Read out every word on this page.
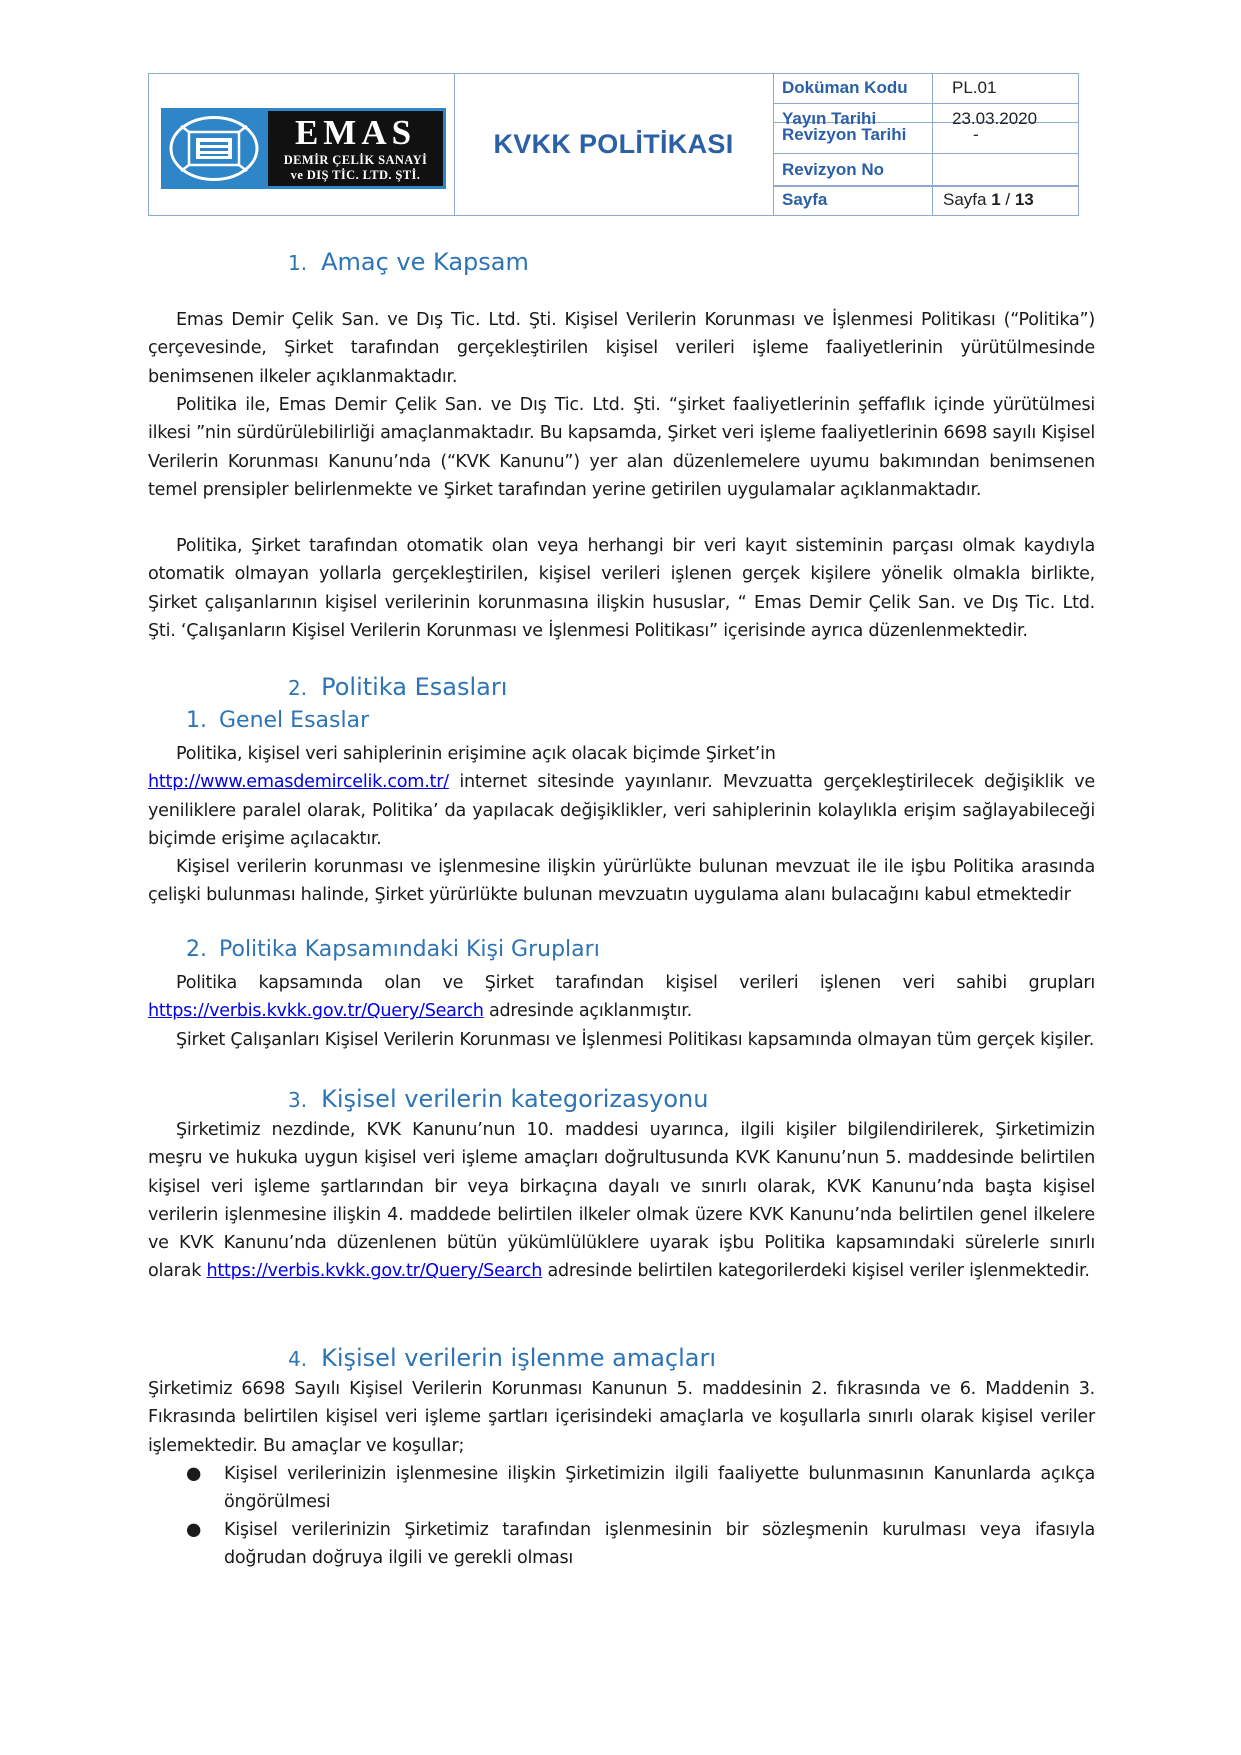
EMAS
DEMİR ÇELİK SANAYİ
ve DIŞ TİC. LTD. ŞTİ.
KVKK POLİTİKASI
Doküman Kodu	PL.01
Yayın Tarihi	23.03.2020
Revizyon Tarihi	-
Revizyon No
Sayfa	Sayfa 1 / 13
1. Amaç ve Kapsam
Emas Demir Çelik San. ve Dış Tic. Ltd. Şti. Kişisel Verilerin Korunması ve İşlenmesi Politikası (“Politika”) çerçevesinde, Şirket tarafından gerçekleştirilen kişisel verileri işleme faaliyetlerinin yürütülmesinde benimsenen ilkeler açıklanmaktadır.
Politika ile, Emas Demir Çelik San. ve Dış Tic. Ltd. Şti. “şirket faaliyetlerinin şeffaflık içinde yürütülmesi ilkesi ”nin sürdürülebilirliği amaçlanmaktadır. Bu kapsamda, Şirket veri işleme faaliyetlerinin 6698 sayılı Kişisel Verilerin Korunması Kanunu’nda (“KVK Kanunu”) yer alan düzenlemelere uyumu bakımından benimsenen temel prensipler belirlenmekte ve Şirket tarafından yerine getirilen uygulamalar açıklanmaktadır.
Politika, Şirket tarafından otomatik olan veya herhangi bir veri kayıt sisteminin parçası olmak kaydıyla otomatik olmayan yollarla gerçekleştirilen, kişisel verileri işlenen gerçek kişilere yönelik olmakla birlikte, Şirket çalışanlarının kişisel verilerinin korunmasına ilişkin hususlar, “ Emas Demir Çelik San. ve Dış Tic. Ltd. Şti. ‘Çalışanların Kişisel Verilerin Korunması ve İşlenmesi Politikası” içerisinde ayrıca düzenlenmektedir.
2. Politika Esasları
1. Genel Esaslar
Politika, kişisel veri sahiplerinin erişimine açık olacak biçimde Şirket’in
http://www.emasdemircelik.com.tr/ internet sitesinde yayınlanır. Mevzuatta gerçekleştirilecek değişiklik ve yeniliklere paralel olarak, Politika’ da yapılacak değişiklikler, veri sahiplerinin kolaylıkla erişim sağlayabileceği biçimde erişime açılacaktır.
Kişisel verilerin korunması ve işlenmesine ilişkin yürürlükte bulunan mevzuat ile ile işbu Politika arasında çelişki bulunması halinde, Şirket yürürlükte bulunan mevzuatın uygulama alanı bulacağını kabul etmektedir
2. Politika Kapsamındaki Kişi Grupları
Politika kapsamında olan ve Şirket tarafından kişisel verileri işlenen veri sahibi grupları https://verbis.kvkk.gov.tr/Query/Search adresinde açıklanmıştır.
Şirket Çalışanları Kişisel Verilerin Korunması ve İşlenmesi Politikası kapsamında olmayan tüm gerçek kişiler.
3. Kişisel verilerin kategorizasyonu
Şirketimiz nezdinde, KVK Kanunu’nun 10. maddesi uyarınca, ilgili kişiler bilgilendirilerek, Şirketimizin meşru ve hukuka uygun kişisel veri işleme amaçları doğrultusunda KVK Kanunu’nun 5. maddesinde belirtilen kişisel veri işleme şartlarından bir veya birkaçına dayalı ve sınırlı olarak, KVK Kanunu’nda başta kişisel verilerin işlenmesine ilişkin 4. maddede belirtilen ilkeler olmak üzere KVK Kanunu’nda belirtilen genel ilkelere ve KVK Kanunu’nda düzenlenen bütün yükümlülüklere uyarak işbu Politika kapsamındaki sürelerle sınırlı olarak https://verbis.kvkk.gov.tr/Query/Search adresinde belirtilen kategorilerdeki kişisel veriler işlenmektedir.
4. Kişisel verilerin işlenme amaçları
Şirketimiz 6698 Sayılı Kişisel Verilerin Korunması Kanunun 5. maddesinin 2. fıkrasında ve 6. Maddenin 3. Fıkrasında belirtilen kişisel veri işleme şartları içerisindeki amaçlarla ve koşullarla sınırlı olarak kişisel veriler işlemektedir. Bu amaçlar ve koşullar;
● Kişisel verilerinizin işlenmesine ilişkin Şirketimizin ilgili faaliyette bulunmasının Kanunlarda açıkça öngörülmesi
● Kişisel verilerinizin Şirketimiz tarafından işlenmesinin bir sözleşmenin kurulması veya ifasıyla doğrudan doğruya ilgili ve gerekli olması
